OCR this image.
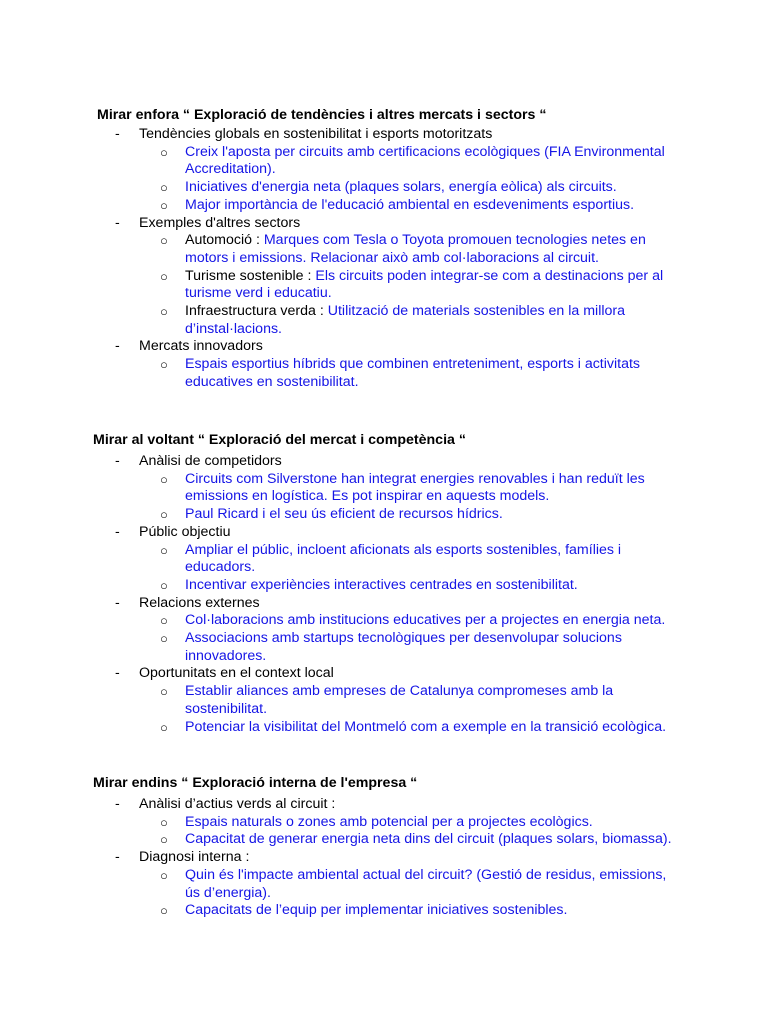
Mirar enfora “ Exploració de tendències i altres mercats i sectors “

- Tendències globals en sostenibilitat i esports motoritzats
○ Creix l'aposta per circuits amb certificacions ecològiques (FIA Environmental Accreditation).
○ Iniciatives d'energia neta (plaques solars, energía eòlica) als circuits.
○ Major importància de l'educació ambiental en esdeveniments esportius.
- Exemples d'altres sectors
○ Automoció : Marques com Tesla o Toyota promouen tecnologies netes en motors i emissions. Relacionar això amb col·laboracions al circuit.
○ Turisme sostenible : Els circuits poden integrar-se com a destinacions per al turisme verd i educatiu.
○ Infraestructura verda : Utilització de materials sostenibles en la millora d’instal·lacions.
- Mercats innovadors
○ Espais esportius híbrids que combinen entreteniment, esports i activitats educatives en sostenibilitat.

Mirar al voltant “ Exploració del mercat i competència “

- Anàlisi de competidors
○ Circuits com Silverstone han integrat energies renovables i han reduït les emissions en logística. Es pot inspirar en aquests models.
○ Paul Ricard i el seu ús eficient de recursos hídrics.
- Públic objectiu
○ Ampliar el públic, incloent aficionats als esports sostenibles, famílies i educadors.
○ Incentivar experiències interactives centrades en sostenibilitat.
- Relacions externes
○ Col·laboracions amb institucions educatives per a projectes en energia neta.
○ Associacions amb startups tecnològiques per desenvolupar solucions innovadores.
- Oportunitats en el context local
○ Establir aliances amb empreses de Catalunya compromeses amb la sostenibilitat.
○ Potenciar la visibilitat del Montmeló com a exemple en la transició ecològica.

Mirar endins “ Exploració interna de l'empresa “

- Anàlisi d’actius verds al circuit :
○ Espais naturals o zones amb potencial per a projectes ecològics.
○ Capacitat de generar energia neta dins del circuit (plaques solars, biomassa).
- Diagnosi interna :
○ Quin és l'impacte ambiental actual del circuit? (Gestió de residus, emissions, ús d’energia).
○ Capacitats de l’equip per implementar iniciatives sostenibles.
